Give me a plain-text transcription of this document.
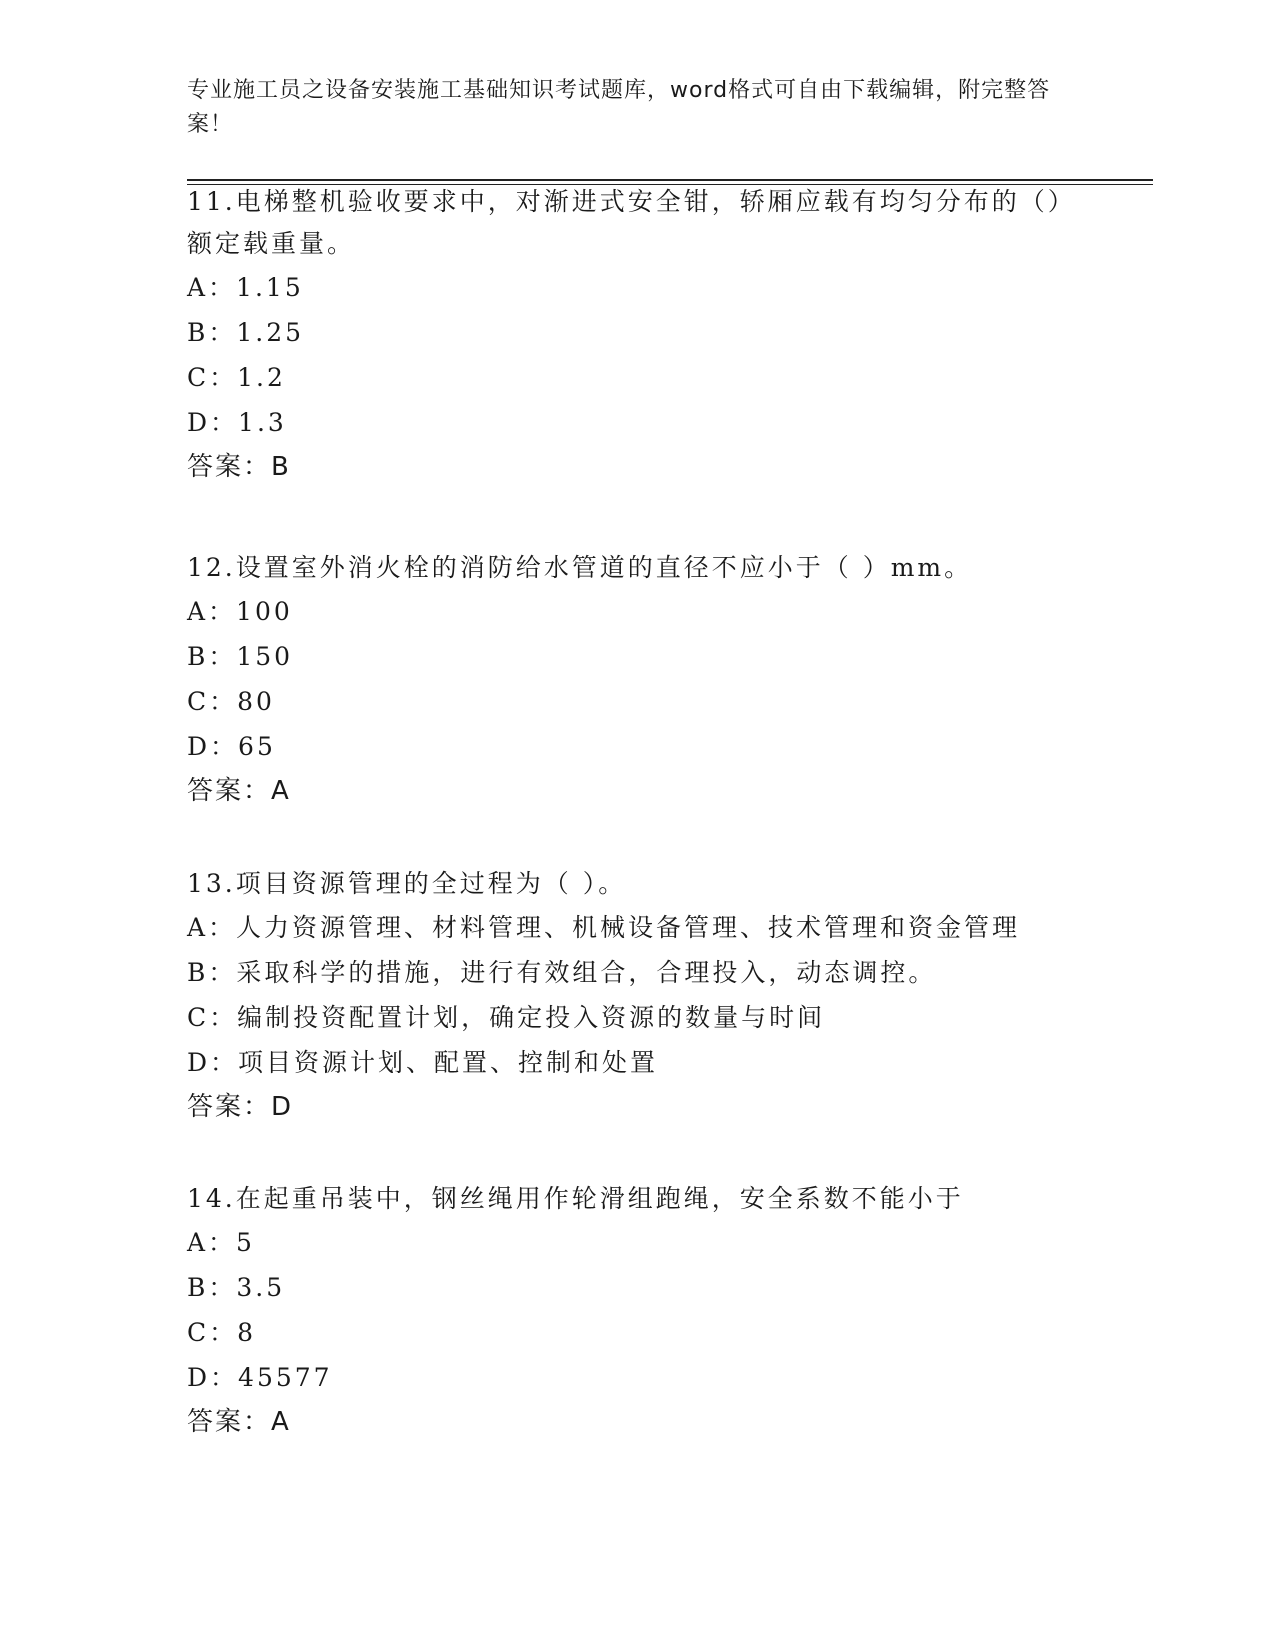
专业施工员之设备安装施工基础知识考试题库，word格式可自由下载编辑，附完整答案！

11.电梯整机验收要求中，对渐进式安全钳，轿厢应载有均匀分布的（）额定载重量。

A：1.15

B：1.25

C：1.2

D：1.3

答案：B

12.设置室外消火栓的消防给水管道的直径不应小于（ ）mm。

A：100

B：150

C：80

D：65

答案：A

13.项目资源管理的全过程为（ ）。

A：人力资源管理、材料管理、机械设备管理、技术管理和资金管理

B：采取科学的措施，进行有效组合，合理投入，动态调控。

C：编制投资配置计划，确定投入资源的数量与时间

D：项目资源计划、配置、控制和处置

答案：D

14.在起重吊装中，钢丝绳用作轮滑组跑绳，安全系数不能小于

A：5

B：3.5

C：8

D：45577

答案：A
